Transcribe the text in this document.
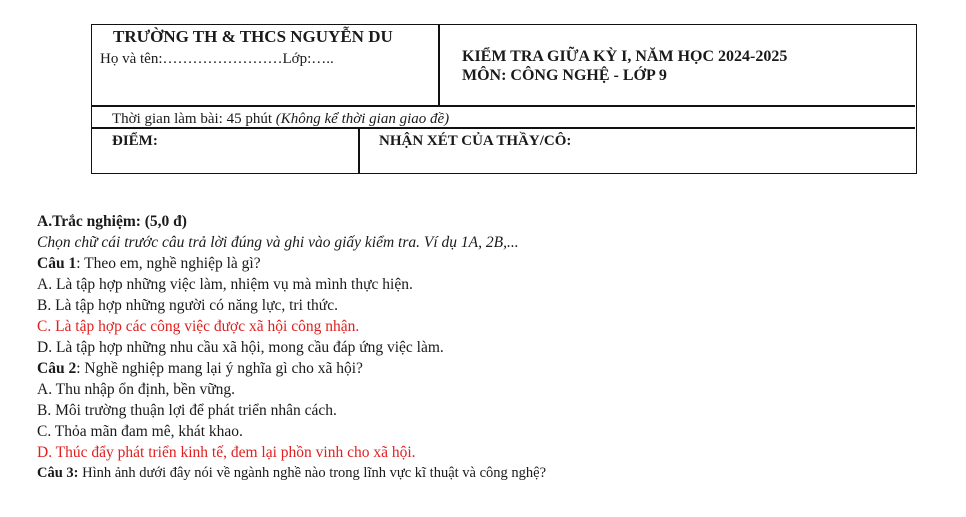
TRƯỜNG TH & THCS NGUYỄN DU
Họ và tên:……………………Lớp:…..	KIỂM TRA GIỮA KỲ I, NĂM HỌC 2024-2025
MÔN: CÔNG NGHỆ - LỚP 9
Thời gian làm bài: 45 phút (Không kể thời gian giao đề)
ĐIỂM:	NHẬN XÉT CỦA THẦY/CÔ:
A.Trắc nghiệm: (5,0 đ)
Chọn chữ cái trước câu trả lời đúng và ghi vào giấy kiểm tra. Ví dụ 1A, 2B,...
Câu 1: Theo em, nghề nghiệp là gì?
A. Là tập hợp những việc làm, nhiệm vụ mà mình thực hiện.
B. Là tập hợp những người có năng lực, tri thức.
C. Là tập hợp các công việc được xã hội công nhận.
D. Là tập hợp những nhu cầu xã hội, mong cầu đáp ứng việc làm.
Câu 2: Nghề nghiệp mang lại ý nghĩa gì cho xã hội?
A. Thu nhập ổn định, bền vững.
B. Môi trường thuận lợi để phát triển nhân cách.
C. Thỏa mãn đam mê, khát khao.
D. Thúc đẩy phát triển kinh tế, đem lại phồn vinh cho xã hội.
Câu 3: Hình ảnh dưới đây nói về ngành nghề nào trong lĩnh vực kĩ thuật và công nghệ?
